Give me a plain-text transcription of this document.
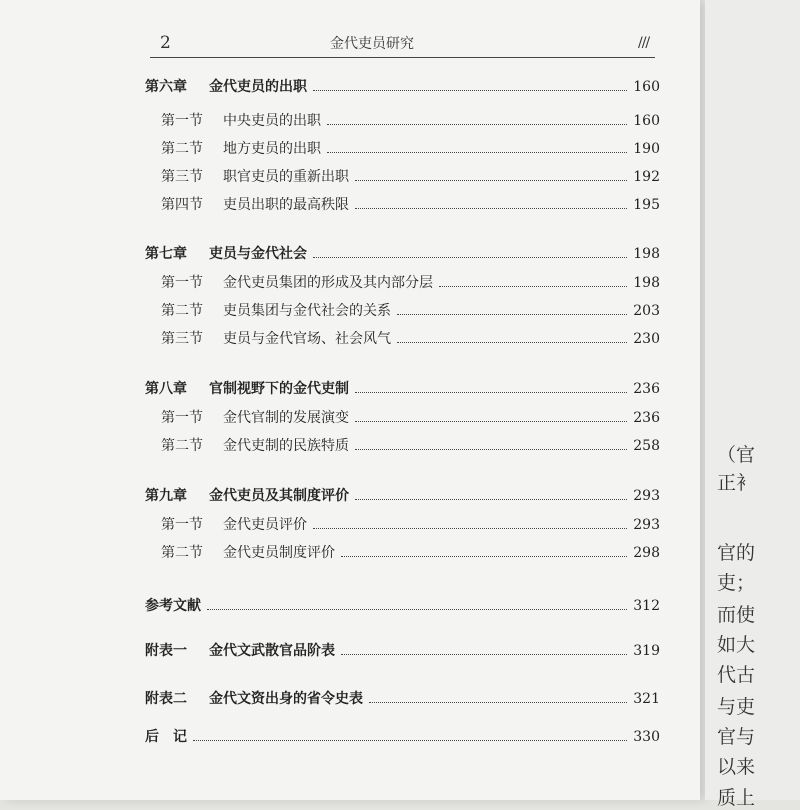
2	金代吏员研究	///
第六章	金代吏员的出职	160
第一节	中央吏员的出职	160
第二节	地方吏员的出职	190
第三节	职官吏员的重新出职	192
第四节	吏员出职的最高秩限	195
第七章	吏员与金代社会	198
第一节	金代吏员集团的形成及其内部分层	198
第二节	吏员集团与金代社会的关系	203
第三节	吏员与金代官场、社会风气	230
第八章	官制视野下的金代吏制	236
第一节	金代官制的发展演变	236
第二节	金代吏制的民族特质	258
第九章	金代吏员及其制度评价	293
第一节	金代吏员评价	293
第二节	金代吏员制度评价	298
参考文献	312
附表一	金代文武散官品阶表	319
附表二	金代文资出身的省令史表	321
后　记	330
（官
正衤
官的
吏；
而使
如大
代古
与吏
官与
以来
质上
